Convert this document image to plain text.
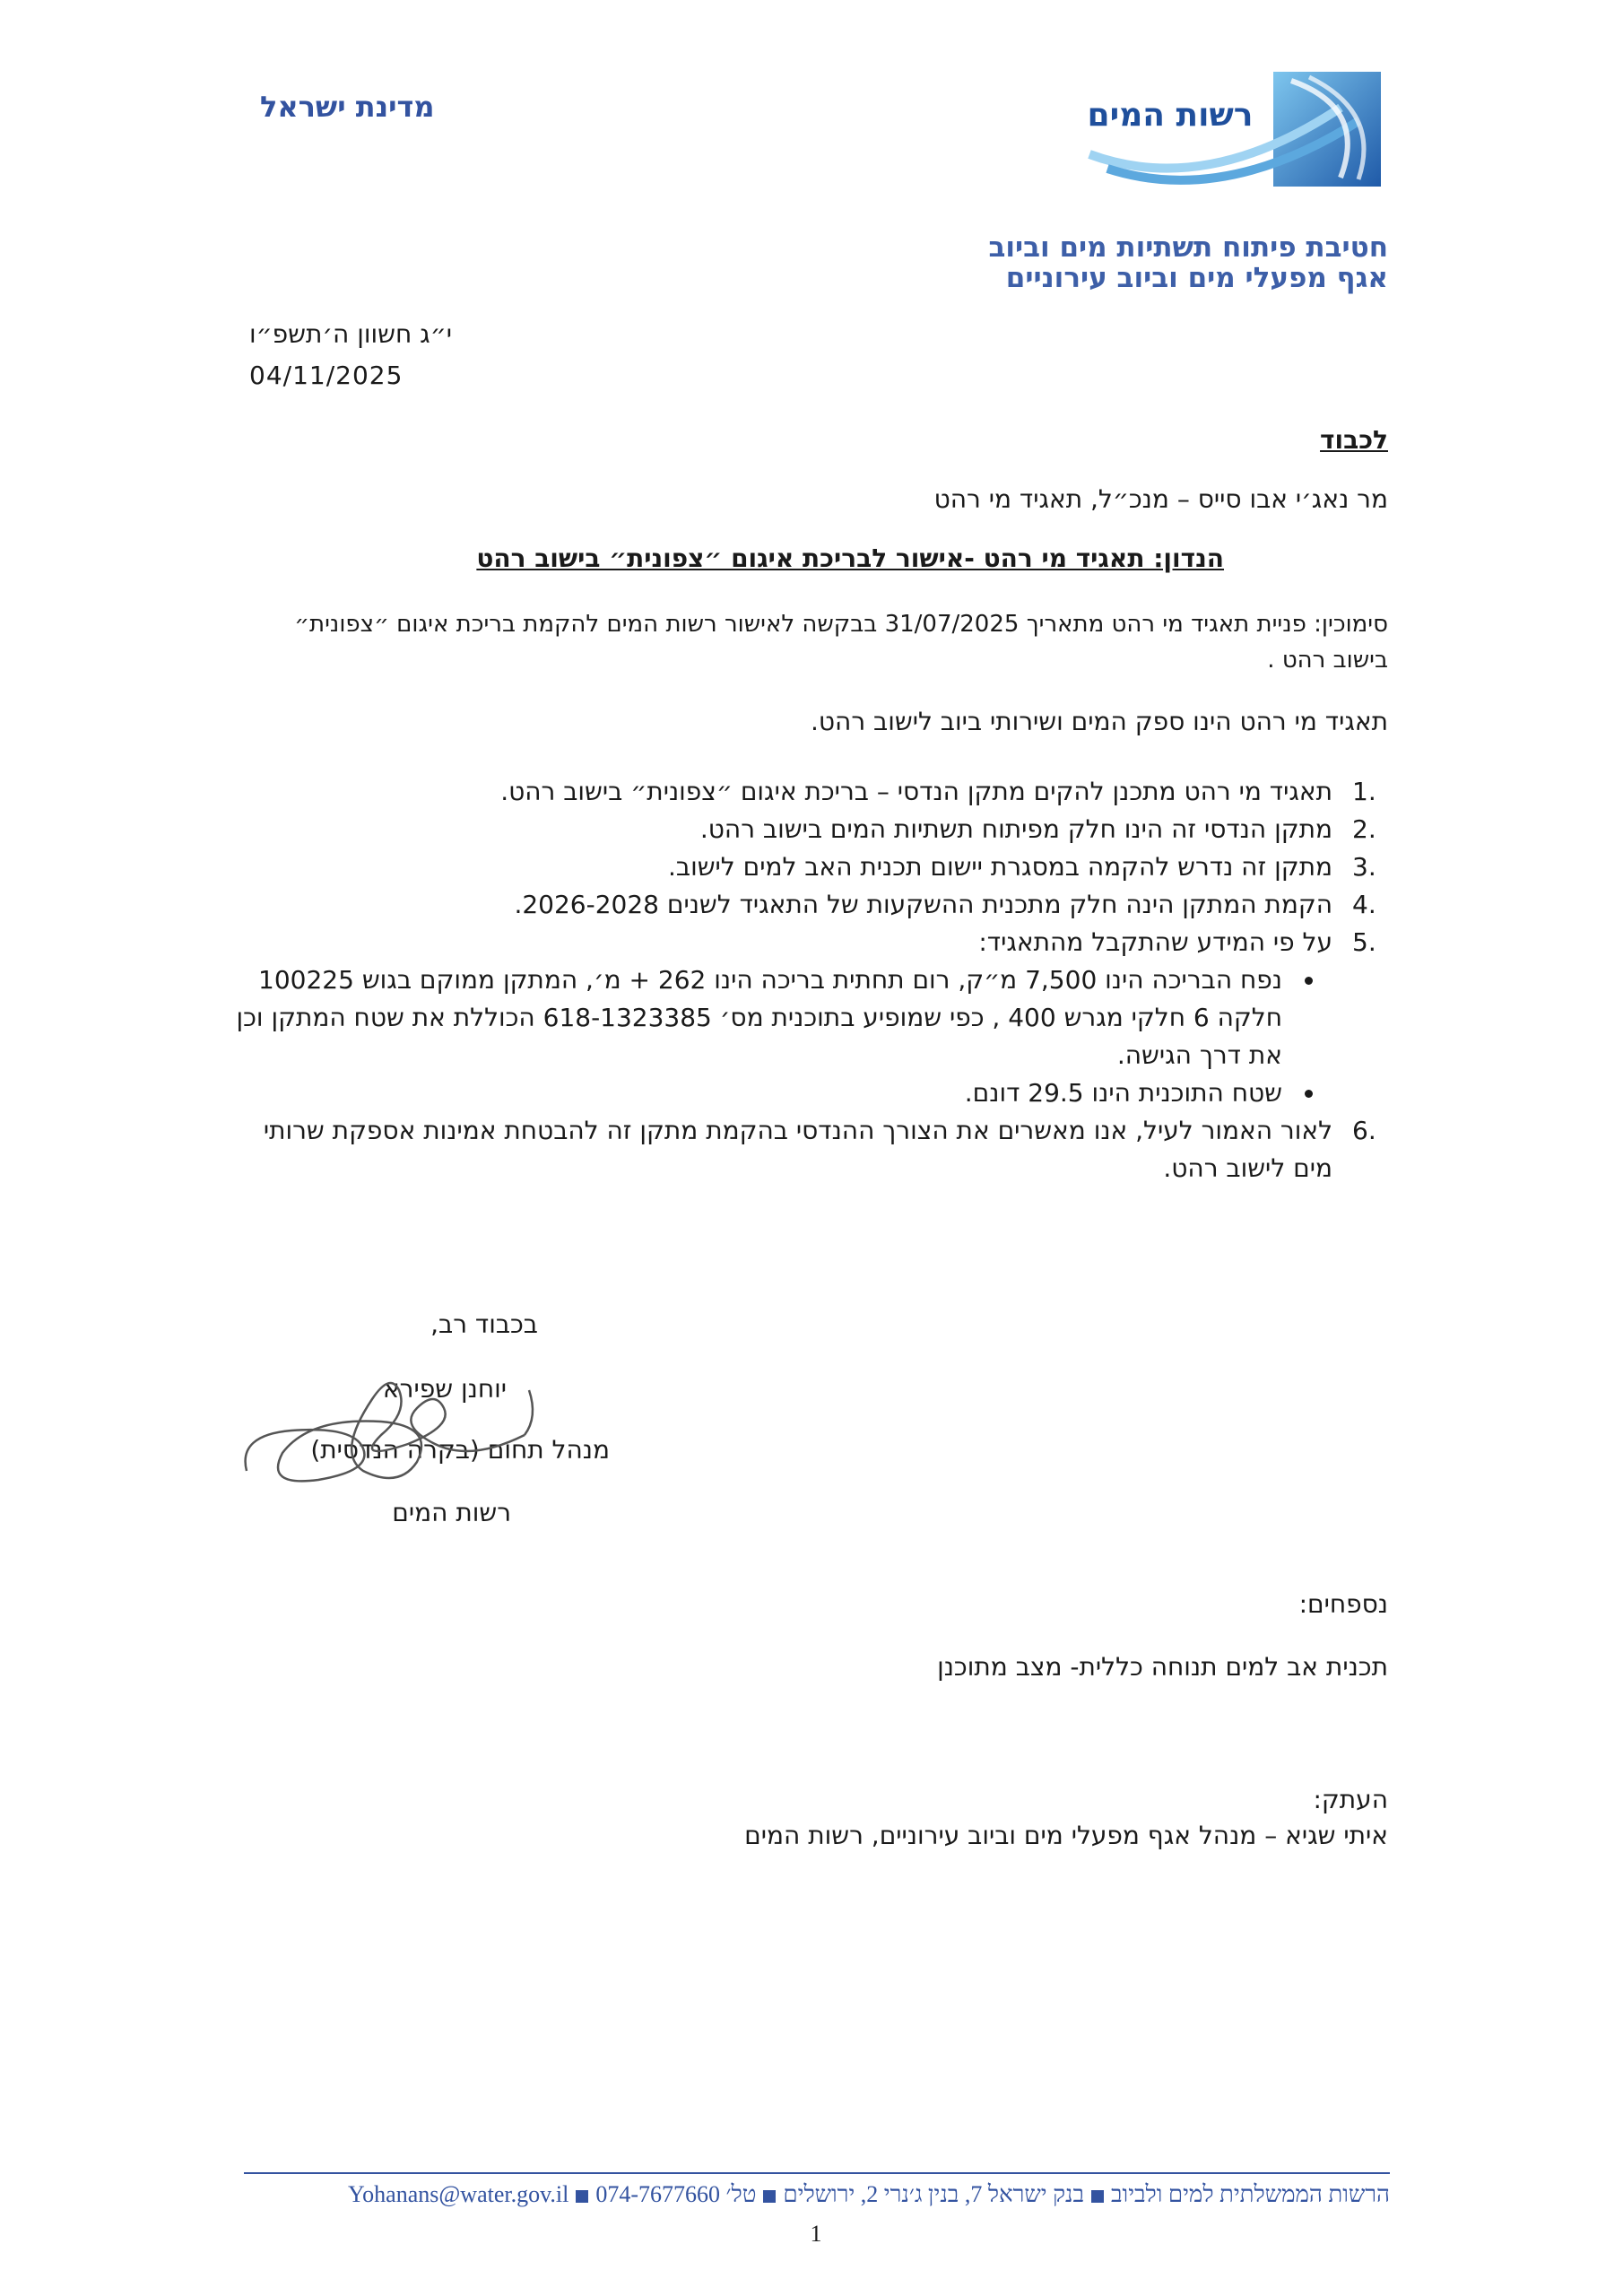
מדינת ישראל	רשות המים
חטיבת פיתוח תשתיות מים וביוב
אגף מפעלי מים וביוב עירוניים
י״ג חשוון ה׳תשפ״ו
04/11/2025
לכבוד
מר נאג׳י אבו סייס – מנכ״ל, תאגיד מי רהט
הנדון: תאגיד מי רהט -אישור לבריכת איגום ״צפונית״ בישוב רהט
סימוכין: פניית תאגיד מי רהט מתאריך 31/07/2025 בבקשה לאישור רשות המים להקמת בריכת איגום ״צפונית״ בישוב רהט .
תאגיד מי רהט הינו ספק המים ושירותי ביוב לישוב רהט.
.1
תאגיד מי רהט מתכנן להקים מתקן הנדסי – בריכת איגום ״צפונית״ בישוב רהט.
.2
מתקן הנדסי זה הינו חלק מפיתוח תשתיות המים בישוב רהט.
.3
מתקן זה נדרש להקמה במסגרת יישום תכנית האב למים לישוב.
.4
הקמת המתקן הינה חלק מתכנית ההשקעות של התאגיד לשנים 2026-2028.
.5
על פי המידע שהתקבל מהתאגיד:
נפח הבריכה הינו 7,500 מ״ק, רום תחתית בריכה הינו 262 + מ׳, המתקן ממוקם בגוש 100225 חלקה 6 חלקי מגרש 400 , כפי שמופיע בתוכנית מס׳ 618-1323385 הכוללת את שטח המתקן וכן את דרך הגישה.
שטח התוכנית הינו 29.5 דונם.
.6
לאור האמור לעיל, אנו מאשרים את הצורך ההנדסי בהקמת מתקן זה להבטחת אמינות אספקת שרותי מים לישוב רהט.
בכבוד רב,
יוחנן שפירא
מנהל תחום (בקרה הנדסית)
רשות המים
נספחים:
תכנית אב למים תנוחה כללית- מצב מתוכנן
העתק:
איתי שגיא – מנהל אגף מפעלי מים וביוב עירוניים, רשות המים
הרשות הממשלתית למים ולביובבנק ישראל 7, בנין ג׳נרי 2, ירושליםטל׳ 074-7677660Yohanans@water.gov.il
1
